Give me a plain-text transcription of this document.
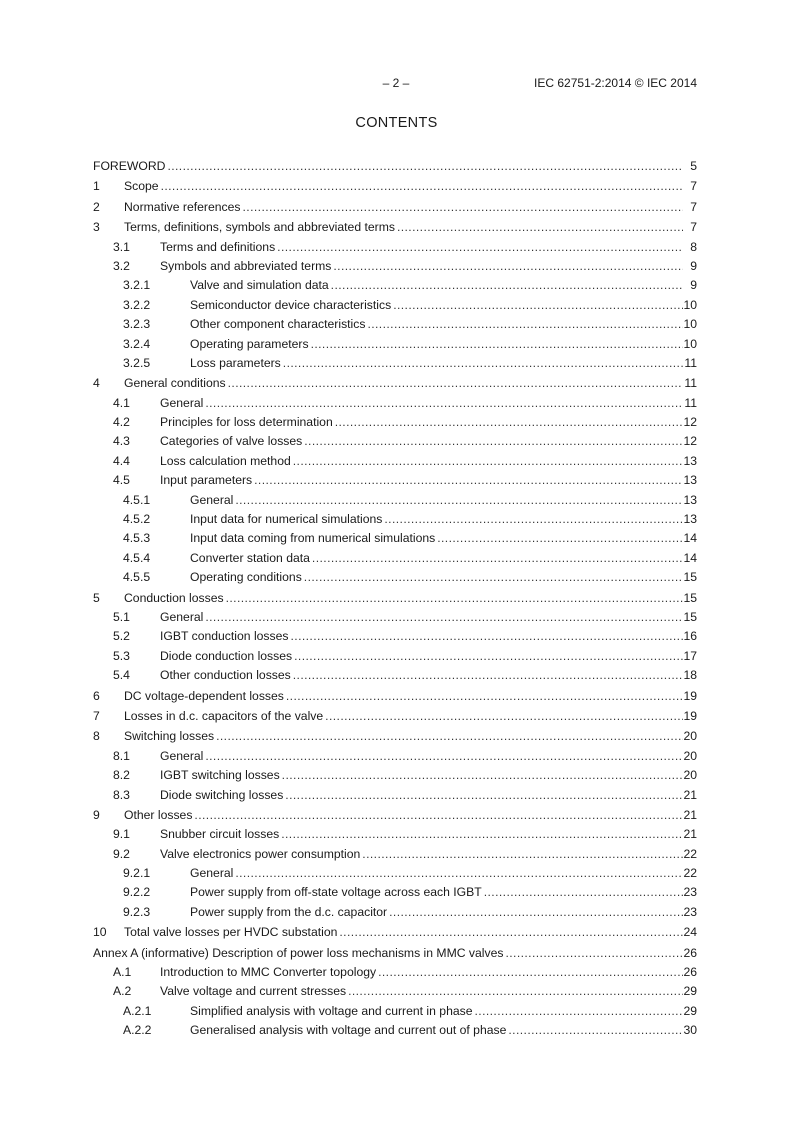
– 2 –	IEC 62751-2:2014 © IEC 2014
CONTENTS
FOREWORD .....	5
1 Scope .....	7
2 Normative references .....	7
3 Terms, definitions, symbols and abbreviated terms .....	7
3.1 Terms and definitions .....	8
3.2 Symbols and abbreviated terms .....	9
3.2.1	Valve and simulation data .....	9
3.2.2	Semiconductor device characteristics .....	10
3.2.3	Other component characteristics .....	10
3.2.4	Operating parameters .....	10
3.2.5	Loss parameters .....	11
4 General conditions .....	11
4.1 General .....	11
4.2 Principles for loss determination .....	12
4.3 Categories of valve losses .....	12
4.4 Loss calculation method .....	13
4.5 Input parameters .....	13
4.5.1	General .....	13
4.5.2	Input data for numerical simulations .....	13
4.5.3	Input data coming from numerical simulations .....	14
4.5.4	Converter station data .....	14
4.5.5	Operating conditions .....	15
5 Conduction losses .....	15
5.1 General .....	15
5.2 IGBT conduction losses .....	16
5.3 Diode conduction losses .....	17
5.4 Other conduction losses .....	18
6 DC voltage-dependent losses .....	19
7 Losses in d.c. capacitors of the valve .....	19
8 Switching losses .....	20
8.1 General .....	20
8.2 IGBT switching losses .....	20
8.3 Diode switching losses .....	21
9 Other losses .....	21
9.1 Snubber circuit losses .....	21
9.2 Valve electronics power consumption .....	22
9.2.1	General .....	22
9.2.2	Power supply from off-state voltage across each IGBT .....	23
9.2.3	Power supply from the d.c. capacitor .....	23
10 Total valve losses per HVDC substation .....	24
Annex A (informative) Description of power loss mechanisms in MMC valves .....	26
A.1 Introduction to MMC Converter topology .....	26
A.2 Valve voltage and current stresses .....	29
A.2.1	Simplified analysis with voltage and current in phase .....	29
A.2.2	Generalised analysis with voltage and current out of phase .....	30
